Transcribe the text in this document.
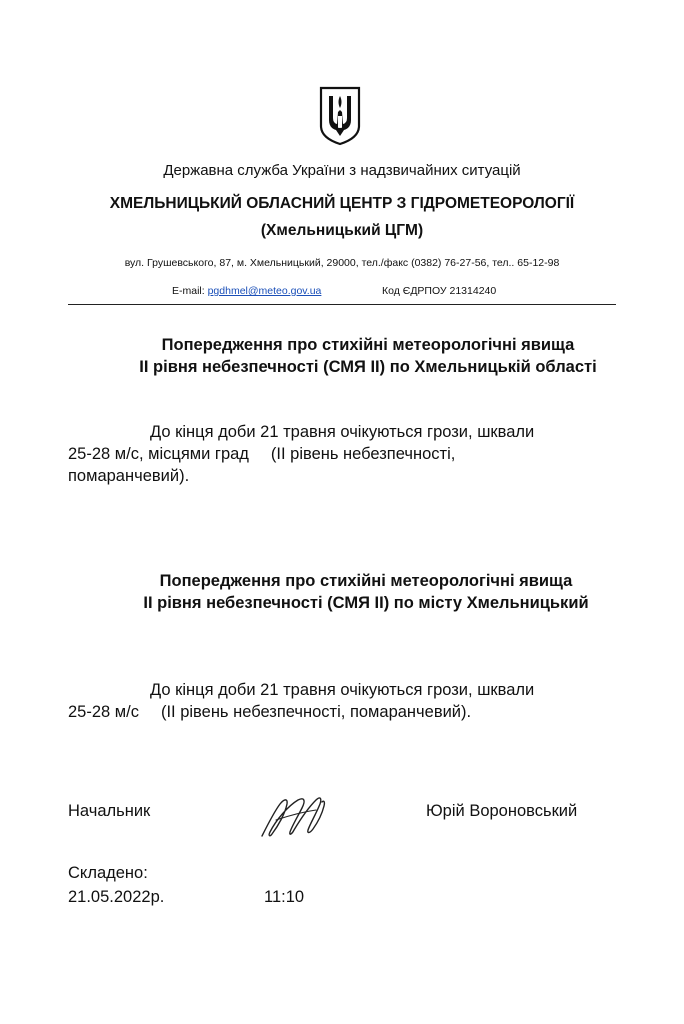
Державна служба України з надзвичайних ситуацій
ХМЕЛЬНИЦЬКИЙ ОБЛАСНИЙ ЦЕНТР З ГІДРОМЕТЕОРОЛОГІЇ
(Хмельницький ЦГМ)
вул. Грушевського, 87, м. Хмельницький, 29000, тел./факс (0382) 76-27-56, тел.. 65-12-98
E-mail: pgdhmel@meteo.gov.ua	Код ЄДРПОУ 21314240
Попередження про стихійні метеорологічні явища
II рівня небезпечності (СМЯ II) по Хмельницькій області
До кінця доби 21 травня очікуються грози, шквали
25-28 м/с, місцями град (II рівень небезпечності,
помаранчевий).
Попередження про стихійні метеорологічні явища
II рівня небезпечності (СМЯ II) по місту Хмельницький
До кінця доби 21 травня очікуються грози, шквали
25-28 м/с (II рівень небезпечності, помаранчевий).
Начальник	Юрій Вороновський
Складено:
21.05.2022р.	11:10
